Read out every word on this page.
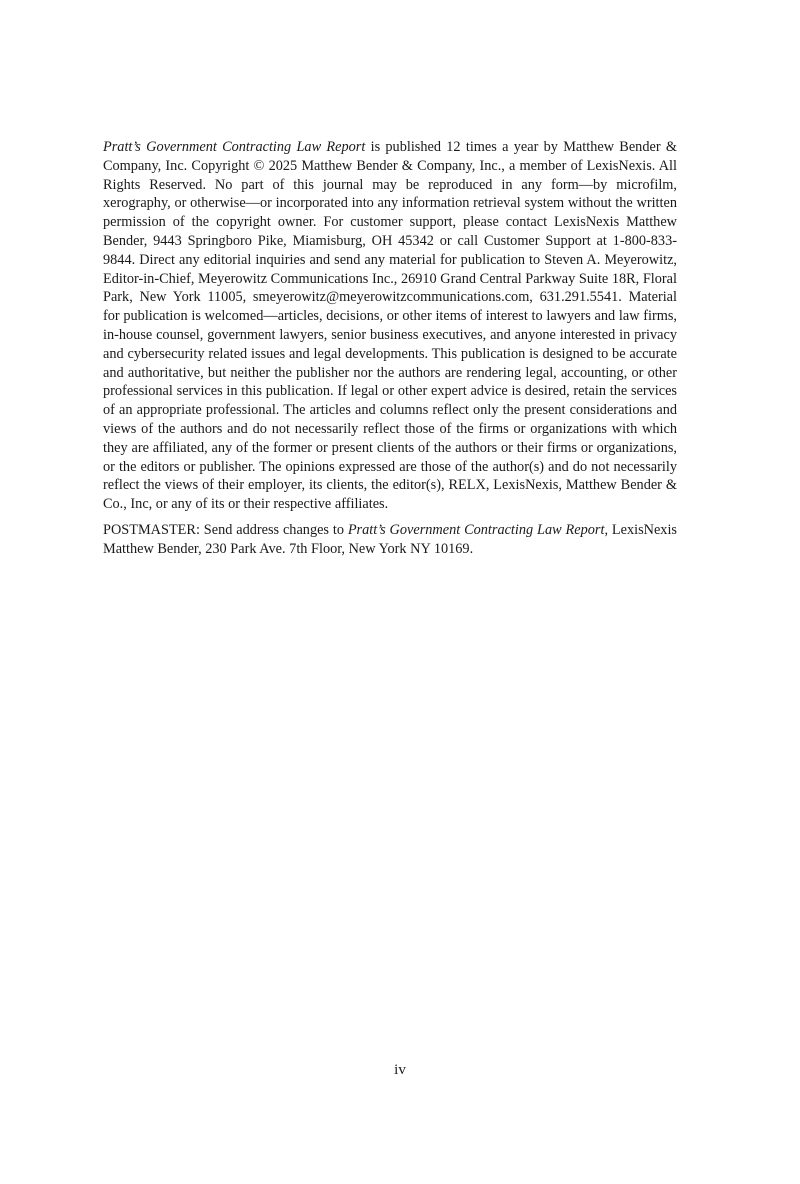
Pratt’s Government Contracting Law Report is published 12 times a year by Matthew Bender & Company, Inc. Copyright © 2025 Matthew Bender & Company, Inc., a member of LexisNexis. All Rights Reserved. No part of this journal may be reproduced in any form—by microfilm, xerography, or otherwise—or incorporated into any information retrieval system without the written permission of the copyright owner. For customer support, please contact LexisNexis Matthew Bender, 9443 Springboro Pike, Miamisburg, OH 45342 or call Customer Support at 1-800-833-9844. Direct any editorial inquiries and send any material for publication to Steven A. Meyerowitz, Editor-in-Chief, Meyerowitz Communications Inc., 26910 Grand Central Parkway Suite 18R, Floral Park, New York 11005, smeyerowitz@meyerowitzcommunications.com, 631.291.5541. Material for publication is welcomed—articles, decisions, or other items of interest to lawyers and law firms, in-house counsel, government lawyers, senior business executives, and anyone interested in privacy and cybersecurity related issues and legal developments. This publication is designed to be accurate and authoritative, but neither the publisher nor the authors are rendering legal, accounting, or other professional services in this publication. If legal or other expert advice is desired, retain the services of an appropriate professional. The articles and columns reflect only the present considerations and views of the authors and do not necessarily reflect those of the firms or organizations with which they are affiliated, any of the former or present clients of the authors or their firms or organizations, or the editors or publisher. The opinions expressed are those of the author(s) and do not necessarily reflect the views of their employer, its clients, the editor(s), RELX, LexisNexis, Matthew Bender & Co., Inc, or any of its or their respective affiliates.

POSTMASTER: Send address changes to Pratt’s Government Contracting Law Report, LexisNexis Matthew Bender, 230 Park Ave. 7th Floor, New York NY 10169.

iv
